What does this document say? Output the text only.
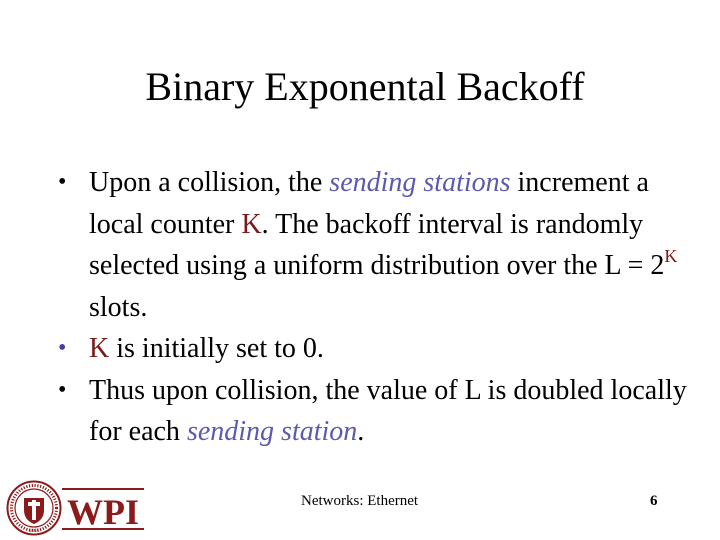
Binary Exponental Backoff
• Upon a collision, the sending stations increment a local counter K. The backoff interval is randomly selected using a uniform distribution over the $L = 2^K$ slots.
• K is initially set to 0.
• Thus upon collision, the value of L is doubled locally for each sending station.
1865 WPI	Networks: Ethernet	6
